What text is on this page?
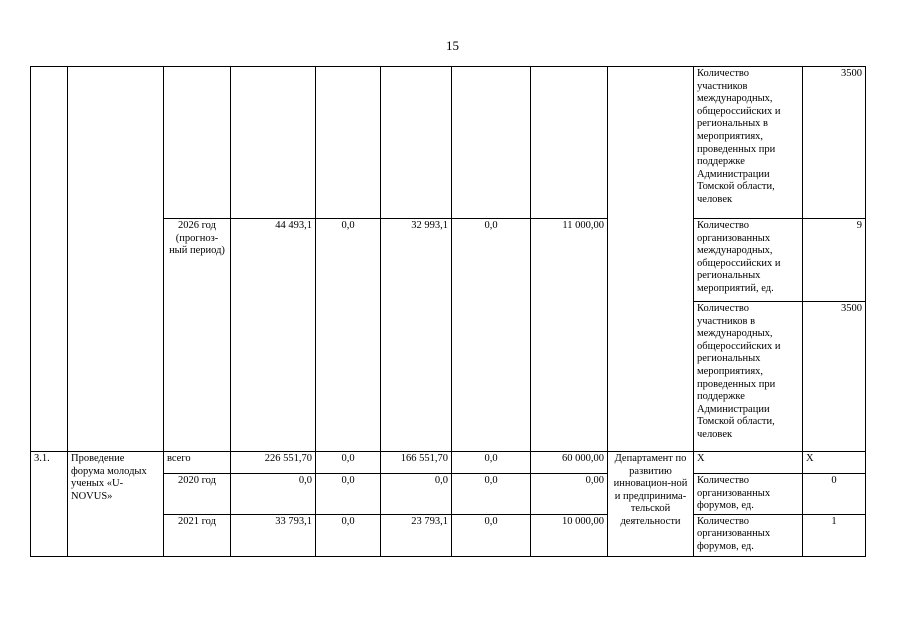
15
									Количество участников международных, общероссийских и региональных в мероприятиях, проведенных при поддержке Администрации Томской области, человек	3500
		2026 год (прогноз-ный период)	44 493,1	0,0	32 993,1	0,0	11 000,00		Количество организованных международных, общероссийских и региональных мероприятий, ед.	9
									Количество участников в международных, общероссийских и региональных мероприятиях, проведенных при поддержке Администрации Томской области, человек	3500
3.1.	Проведение форума молодых ученых «U-NOVUS»	всего	226 551,70	0,0	166 551,70	0,0	60 000,00	Департамент по развитию инновацион-ной и предпринима-тельской деятельности	Х	Х
		2020 год	0,0	0,0	0,0	0,0	0,00		Количество организованных форумов, ед.	0
		2021 год	33 793,1	0,0	23 793,1	0,0	10 000,00		Количество организованных форумов, ед.	1
